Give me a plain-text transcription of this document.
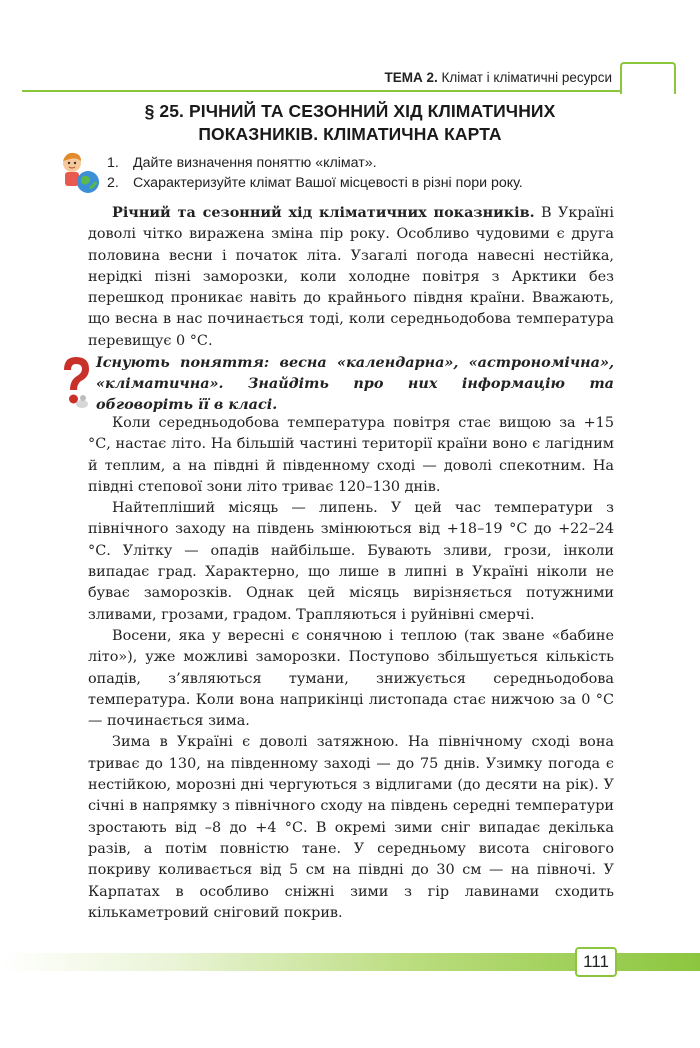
ТЕМА 2. Клімат і кліматичні ресурси
§ 25. РІЧНИЙ ТА СЕЗОННИЙ ХІД КЛІМАТИЧНИХ
ПОКАЗНИКІВ. КЛІМАТИЧНА КАРТА
1. Дайте визначення поняттю «клімат».
2. Схарактеризуйте клімат Вашої місцевості в різні пори року.

Річний та сезонний хід кліматичних показників. В Україні доволі чітко виражена зміна пір року. Особливо чудовими є друга половина весни і початок літа. Узагалі погода навесні нестійка, нерідкі пізні заморозки, коли холодне повітря з Арктики без перешкод проникає навіть до крайнього півдня країни. Вважають, що весна в нас починається тоді, коли середньодобова температура перевищує 0 °С.

Існують поняття: весна «календарна», «астрономічна», «кліматична». Знайдіть про них інформацію та обговоріть її в класі.

Коли середньодобова температура повітря стає вищою за +15 °С, настає літо. На більшій частині території країни воно є лагідним й теплим, а на півдні й південному сході — доволі спекотним. На півдні степової зони літо триває 120–130 днів.

Найтепліший місяць — липень. У цей час температури з північного заходу на південь змінюються від +18–19 °С до +22–24 °С. Улітку — опадів найбільше. Бувають зливи, грози, інколи випадає град. Характерно, що лише в липні в Україні ніколи не буває заморозків. Однак цей місяць вирізняється потужними зливами, грозами, градом. Трапляються і руйнівні смерчі.

Восени, яка у вересні є сонячною і теплою (так зване «бабине літо»), уже можливі заморозки. Поступово збільшується кількість опадів, з’являються тумани, знижується середньодобова температура. Коли вона наприкінці листопада стає нижчою за 0 °С — починається зима.

Зима в Україні є доволі затяжною. На північному сході вона триває до 130, на південному заході — до 75 днів. Узимку погода є нестійкою, морозні дні чергуються з відлигами (до десяти на рік). У січні в напрямку з північного сходу на південь середні температури зростають від –8 до +4 °С. В окремі зими сніг випадає декілька разів, а потім повністю тане. У середньому висота снігового покриву коливається від 5 см на півдні до 30 см — на півночі. У Карпатах в особливо сніжні зими з гір лавинами сходить кількаметровий сніговий покрив.

111
